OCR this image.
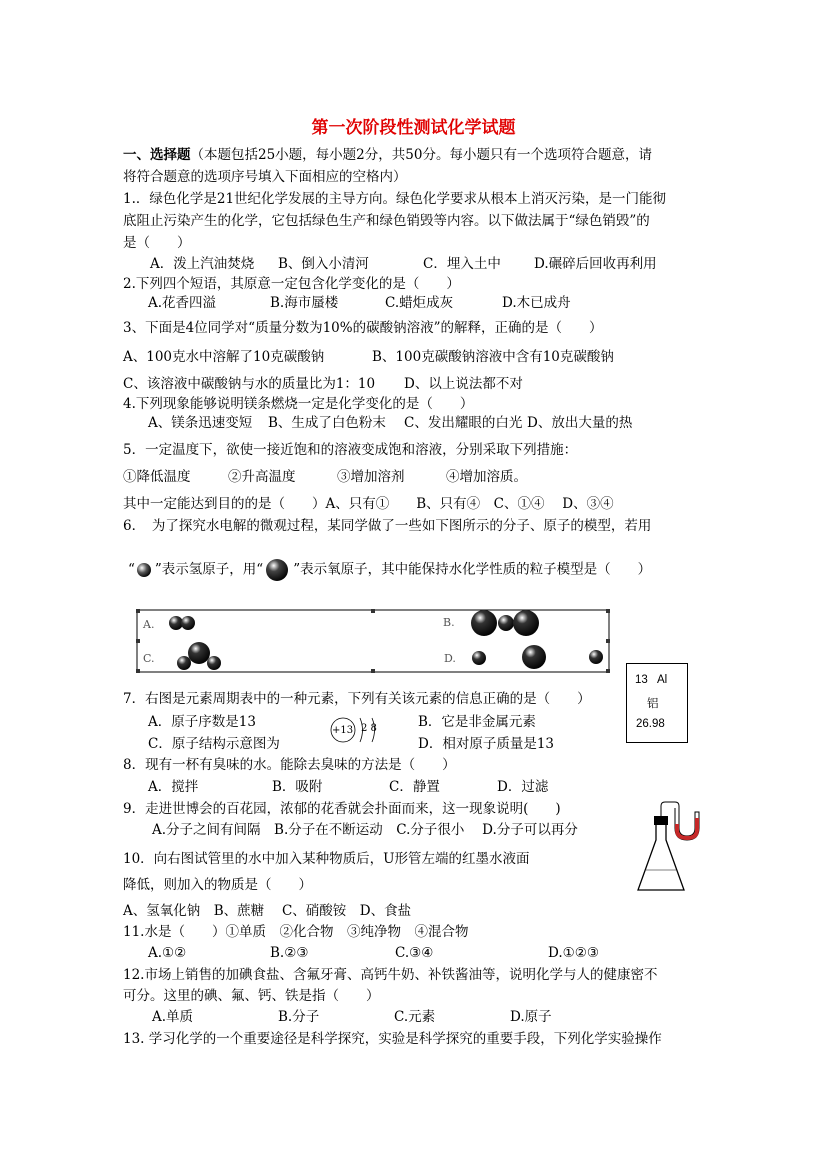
第一次阶段性测试化学试题
一、选择题（本题包括25小题，每小题2分，共50分。每小题只有一个选项符合题意，请
将符合题意的选项序号填入下面相应的空格内）
1.．绿色化学是21世纪化学发展的主导方向。绿色化学要求从根本上消灭污染，是一门能彻
底阻止污染产生的化学，它包括绿色生产和绿色销毁等内容。以下做法属于“绿色销毁”的
是（　　）
A．泼上汽油焚烧 B、倒入小清河	C．埋入土中 D.碾碎后回收再利用
2.下列四个短语，其原意一定包含化学变化的是（　　）
A.花香四溢	B.海市蜃楼	C.蜡炬成灰	D.木已成舟
3、下面是4位同学对“质量分数为10%的碳酸钠溶液”的解释，正确的是（　　）
A、100克水中溶解了10克碳酸钠	B、100克碳酸钠溶液中含有10克碳酸钠
C、该溶液中碳酸钠与水的质量比为1：10 D、以上说法都不对
4.下列现象能够说明镁条燃烧一定是化学变化的是（　　）
A、镁条迅速变短 B、生成了白色粉末 C、发出耀眼的白光 D、放出大量的热
5．一定温度下，欲使一接近饱和的溶液变成饱和溶液，分别采取下列措施：
①降低温度	②升高温度	③增加溶剂	④增加溶质。
其中一定能达到目的的是（　　）A、只有①　　B、只有④　C、①④　 D、③④
6．　为了探究水电解的微观过程，某同学做了一些如下图所示的分子、原子的模型，若用
“ ”表示氢原子，用“ ”表示氧原子，其中能保持水化学性质的粒子模型是（　　）
A.	B.
C.	D.
13 Al
铝
26.98
7．右图是元素周期表中的一种元素，下列有关该元素的信息正确的是（　　）
A．原子序数是13	B．它是非金属元素
C．原子结构示意图为	D．相对原子质量是13
+13 2 8
8．现有一杯有臭味的水。能除去臭味的方法是（　　）
A．搅拌	B．吸附	C．静置	D．过滤
9．走进世博会的百花园，浓郁的花香就会扑面而来，这一现象说明(　　)
A.分子之间有间隔　B.分子在不断运动　C.分子很小　 D.分子可以再分
10．向右图试管里的水中加入某种物质后，U形管左端的红墨水液面
降低，则加入的物质是（　　）
A、氢氧化钠　B、蔗糖　 C、硝酸铵　D、食盐
11.水是（　　）①单质　②化合物　③纯净物　④混合物
A.①②	B.②③	C.③④	D.①②③
12.市场上销售的加碘食盐、含氟牙膏、高钙牛奶、补铁酱油等，说明化学与人的健康密不
可分。这里的碘、氟、钙、铁是指（　　）
A.单质	B.分子	C.元素	D.原子
13. 学习化学的一个重要途径是科学探究，实验是科学探究的重要手段，下列化学实验操作
